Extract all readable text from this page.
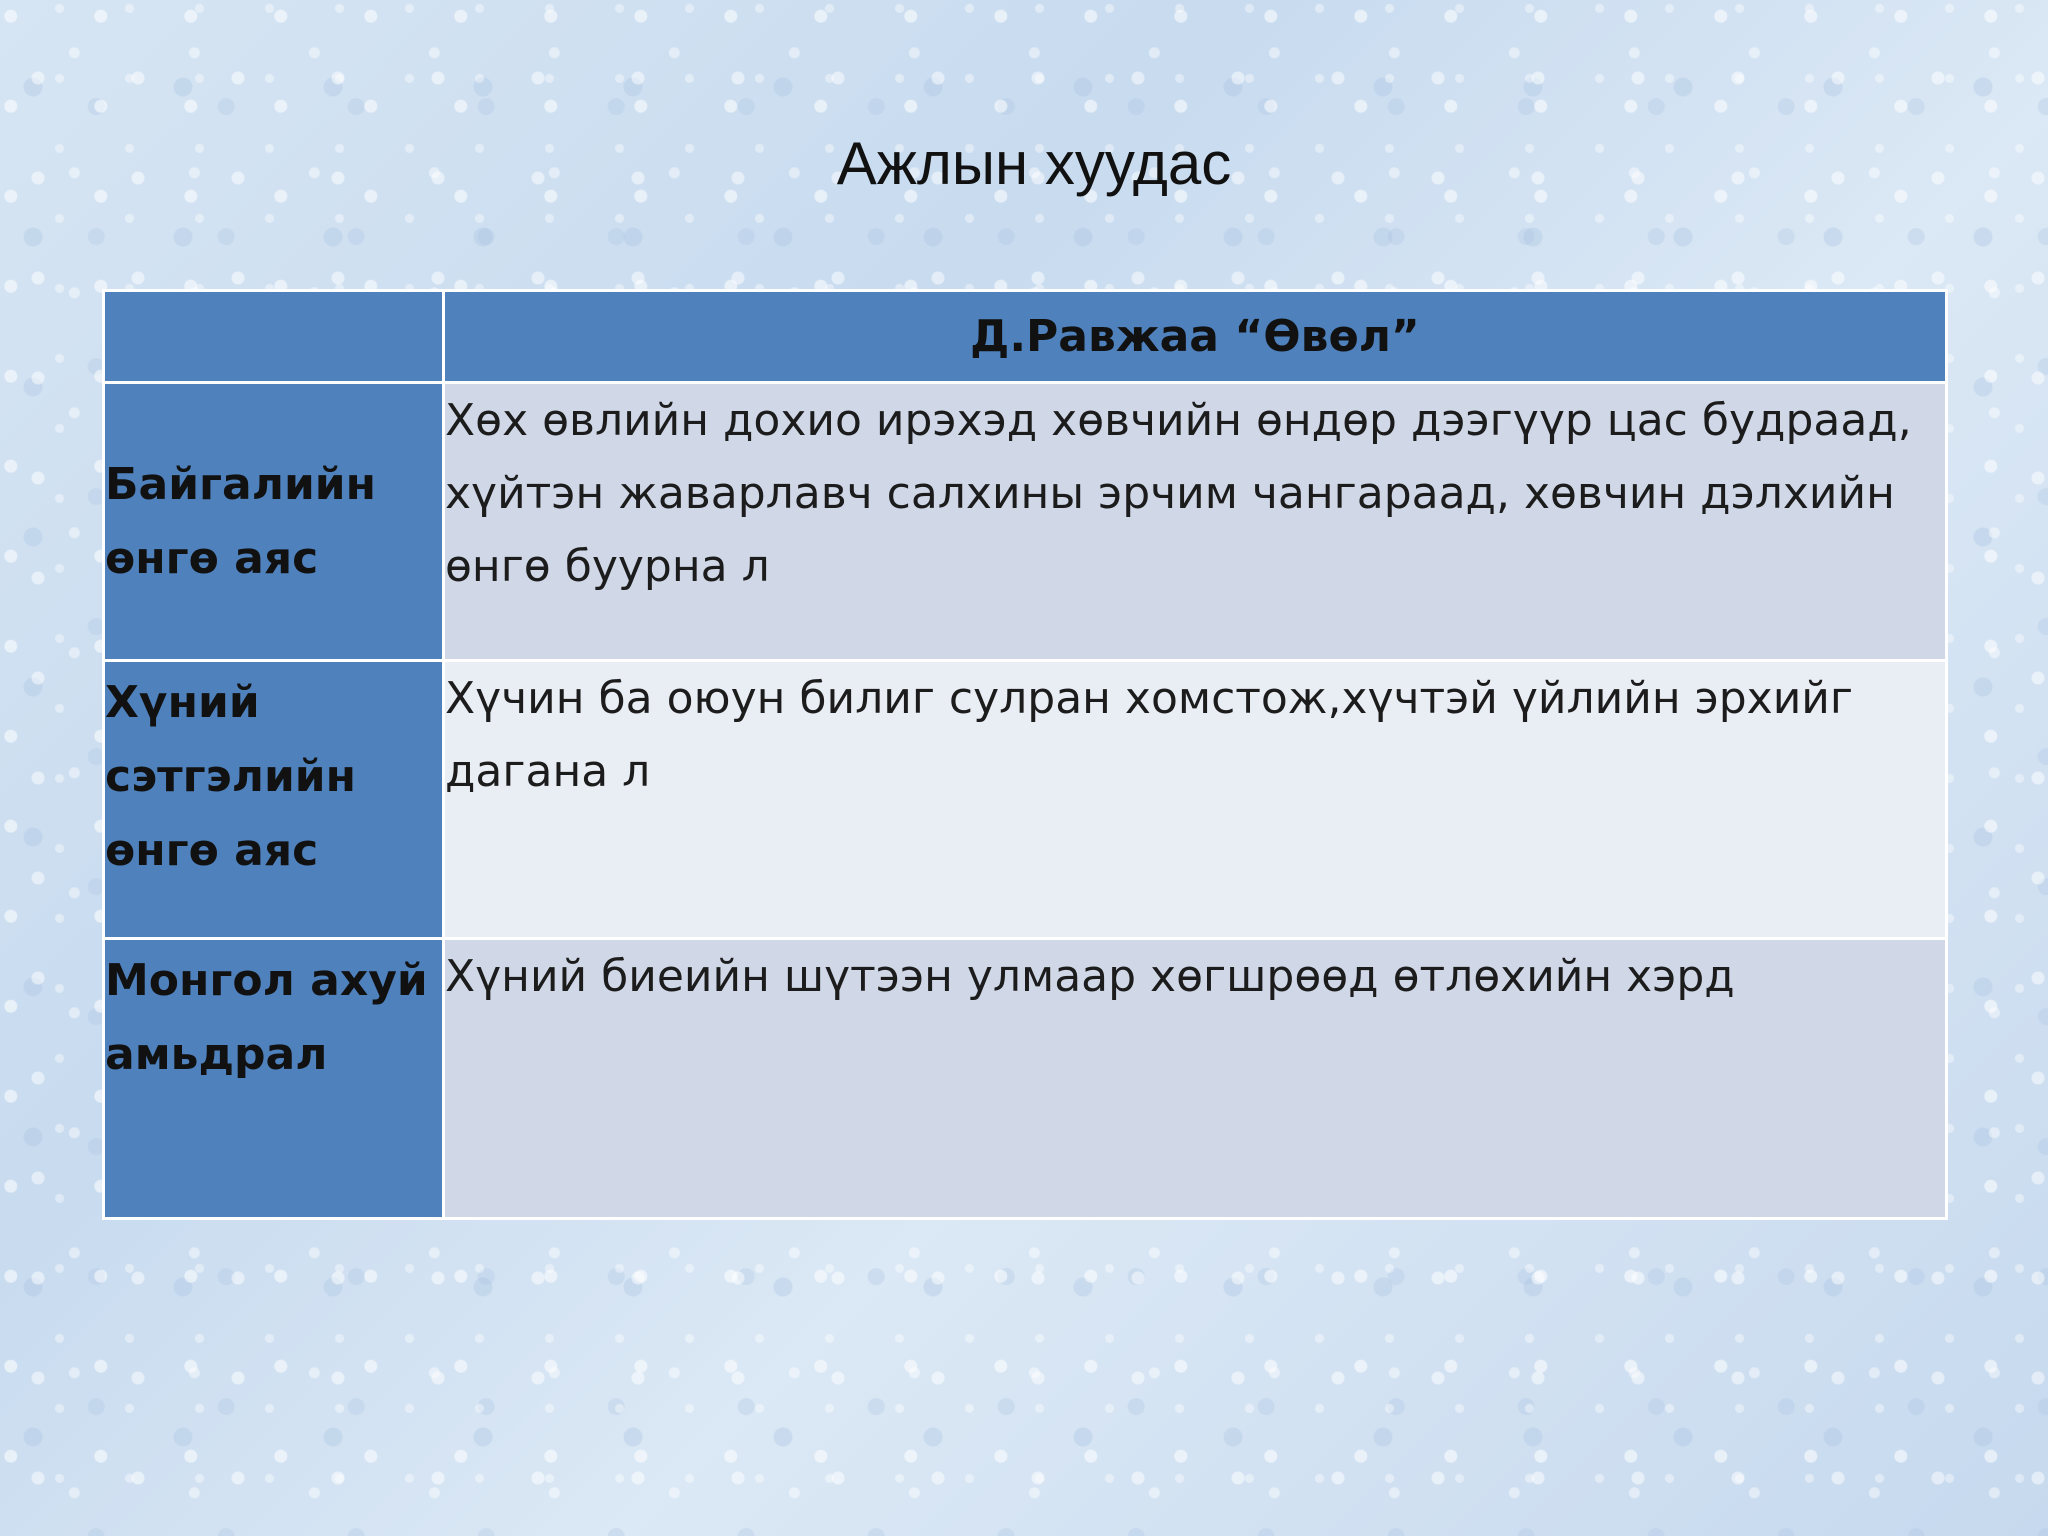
Ажлын хуудас
	Д.Равжаа “Өвөл”
Байгалийн өнгө аяс	Хөх өвлийн дохио ирэхэд хөвчийн өндөр дээгүүр цас будраад, хүйтэн жаварлавч салхины эрчим чангараад, хөвчин дэлхийн өнгө буурна л
Хүний сэтгэлийн өнгө аяс	Хүчин ба оюун билиг сулран хомстож,хүчтэй үйлийн эрхийг дагана л
Монгол ахуй амьдрал	Хүний биеийн шүтээн улмаар хөгшрөөд өтлөхийн хэрд
